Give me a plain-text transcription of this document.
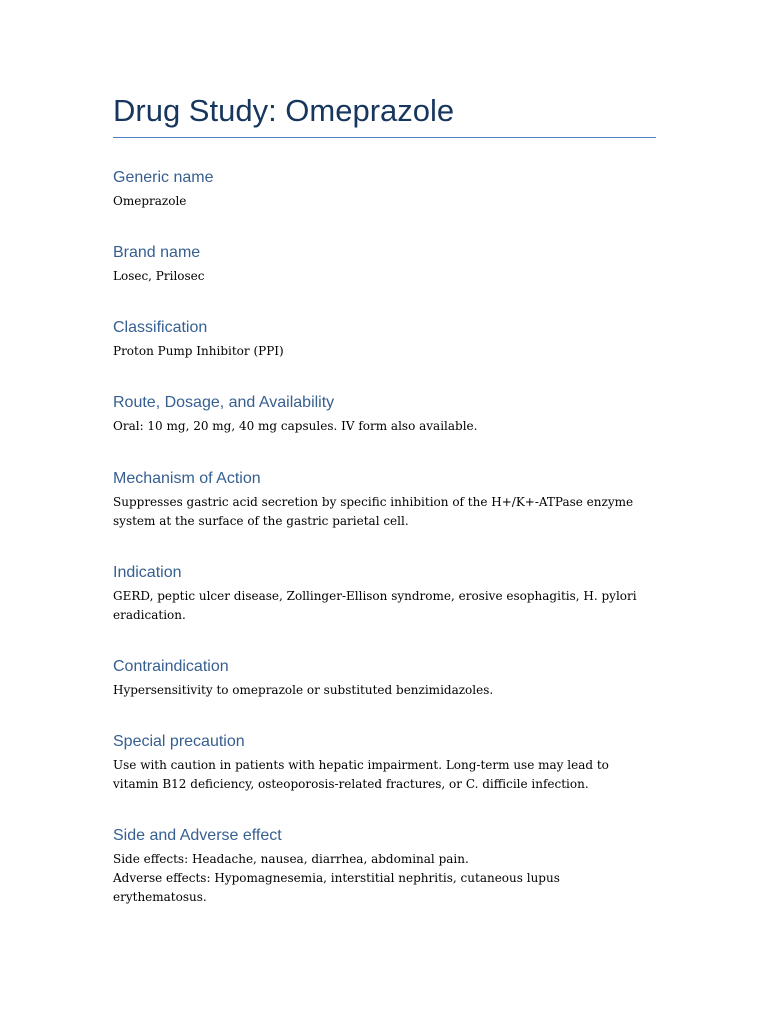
Drug Study: Omeprazole
Generic name

Omeprazole

Brand name

Losec, Prilosec

Classification

Proton Pump Inhibitor (PPI)

Route, Dosage, and Availability

Oral: 10 mg, 20 mg, 40 mg capsules. IV form also available.

Mechanism of Action

Suppresses gastric acid secretion by specific inhibition of the H+/K+-ATPase enzyme system at the surface of the gastric parietal cell.

Indication

GERD, peptic ulcer disease, Zollinger-Ellison syndrome, erosive esophagitis, H. pylori eradication.

Contraindication

Hypersensitivity to omeprazole or substituted benzimidazoles.

Special precaution

Use with caution in patients with hepatic impairment. Long-term use may lead to vitamin B12 deficiency, osteoporosis-related fractures, or C. difficile infection.

Side and Adverse effect

Side effects: Headache, nausea, diarrhea, abdominal pain.

Adverse effects: Hypomagnesemia, interstitial nephritis, cutaneous lupus erythematosus.
